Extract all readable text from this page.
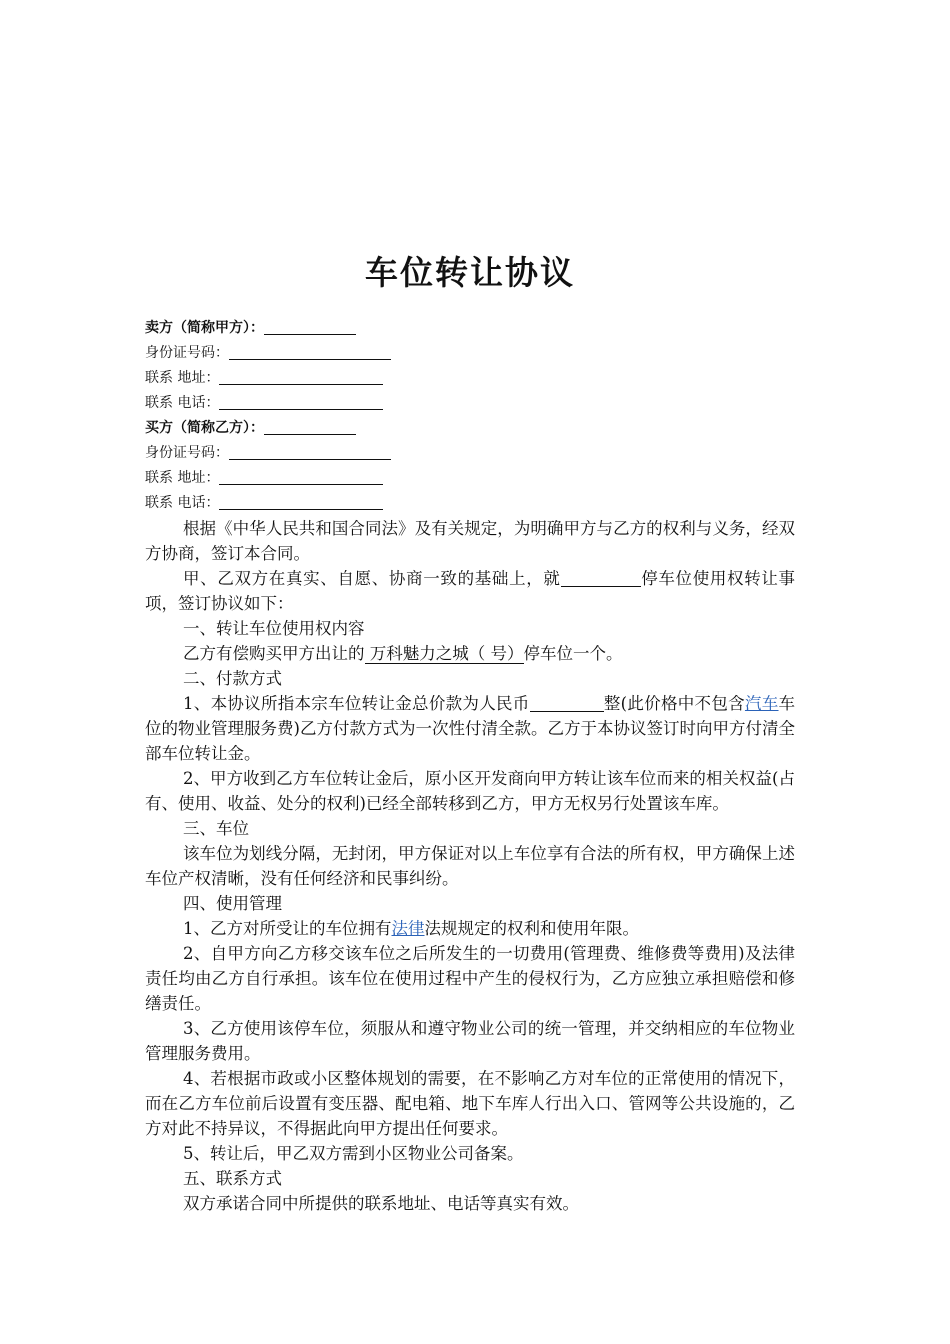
车位转让协议
卖方（简称甲方）：
身份证号码：
联系 地址：
联系 电话：
买方（简称乙方）：
身份证号码：
联系 地址：
联系 电话：

根据《中华人民共和国合同法》及有关规定，为明确甲方与乙方的权利与义务，经双方协商，签订本合同。

甲、乙双方在真实、自愿、协商一致的基础上，就	停车位使用权转让事项，签订协议如下：

一、转让车位使用权内容

乙方有偿购买甲方出让的 万科魅力之城（ 号）停车位一个。

二、付款方式

1、本协议所指本宗车位转让金总价款为人民币	整(此价格中不包含汽车车位的物业管理服务费)乙方付款方式为一次性付清全款。乙方于本协议签订时向甲方付清全部车位转让金。

2、甲方收到乙方车位转让金后，原小区开发商向甲方转让该车位而来的相关权益(占有、使用、收益、处分的权利)已经全部转移到乙方，甲方无权另行处置该车库。

三、车位

该车位为划线分隔，无封闭，甲方保证对以上车位享有合法的所有权，甲方确保上述车位产权清晰，没有任何经济和民事纠纷。

四、使用管理

1、乙方对所受让的车位拥有法律法规规定的权利和使用年限。

2、自甲方向乙方移交该车位之后所发生的一切费用(管理费、维修费等费用)及法律责任均由乙方自行承担。该车位在使用过程中产生的侵权行为，乙方应独立承担赔偿和修缮责任。

3、乙方使用该停车位，须服从和遵守物业公司的统一管理，并交纳相应的车位物业管理服务费用。

4、若根据市政或小区整体规划的需要，在不影响乙方对车位的正常使用的情况下，而在乙方车位前后设置有变压器、配电箱、地下车库人行出入口、管网等公共设施的，乙方对此不持异议，不得据此向甲方提出任何要求。

5、转让后，甲乙双方需到小区物业公司备案。

五、联系方式

双方承诺合同中所提供的联系地址、电话等真实有效。
